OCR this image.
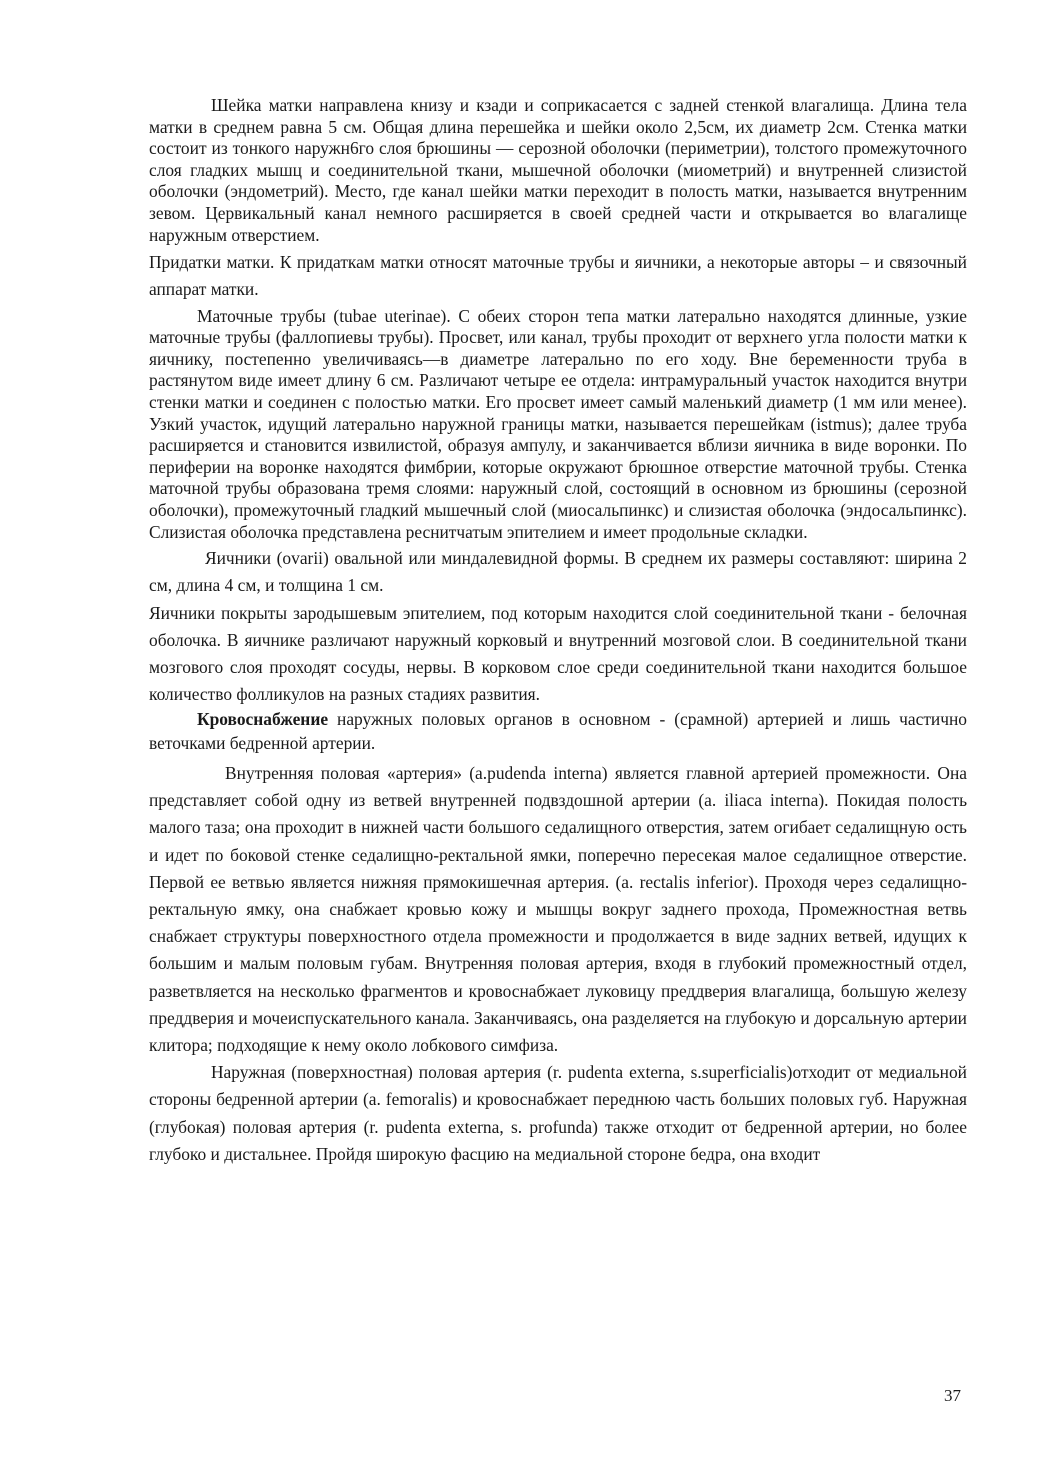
Шейка матки направлена книзу и кзади и соприкасается с задней стенкой влагалища. Длина тела матки в среднем равна 5 см. Общая длина перешейка и шейки около 2,5см, их диаметр 2см. Стенка матки состоит из тонкого наружн6го слоя брюшины — серозной оболочки (периметрии), толстого промежуточного слоя гладких мышц и соединительной ткани, мышечной оболочки (миометрий) и внутренней слизистой оболочки (эндометрий). Место, где канал шейки матки переходит в полость матки, называется внутренним зевом. Цервикальный канал немного расширяется в своей средней части и открывается во влагалище наружным отверстием.

Придатки матки. К придаткам матки относят маточные трубы и яичники, а некоторые авторы – и связочный аппарат матки.

Маточные трубы (tubae uterinae). С обеих сторон тепа матки латерально находятся длинные, узкие маточные трубы (фаллопиевы трубы). Просвет, или канал, трубы проходит от верхнего угла полости матки к яичнику, постепенно увеличиваясь—в диаметре латерально по его ходу. Вне беременности труба в растянутом виде имеет длину 6 см. Различают четыре ее отдела: интрамуральный участок находится внутри стенки матки и соединен с полостью матки. Его просвет имеет самый маленький диаметр (1 мм или менее). Узкий участок, идущий латерально наружной границы матки, называется перешейкам (istmus); далее труба расширяется и становится извилистой, образуя ампулу, и заканчивается вблизи яичника в виде воронки. По периферии на воронке находятся фимбрии, которые окружают брюшное отверстие маточной трубы. Стенка маточной трубы образована тремя слоями: наружный слой, состоящий в основном из брюшины (серозной оболочки), промежуточный гладкий мышечный слой (миосальпинкс) и слизистая оболочка (эндосальпинкс). Слизистая оболочка представлена реснитчатым эпителием и имеет продольные складки.

Яичники (ovarii) овальной или миндалевидной формы. В среднем их размеры составляют: ширина 2 см, длина 4 см, и толщина 1 см.

Яичники покрыты зародышевым эпителием, под которым находится слой соединительной ткани - белочная оболочка. В яичнике различают наружный корковый и внутренний мозговой слои. В соединительной ткани мозгового слоя проходят сосуды, нервы. В корковом слое среди соединительной ткани находится большое количество фолликулов на разных стадиях развития.

Кровоснабжение наружных половых органов в основном - (срамной) артерией и лишь частично веточками бедренной артерии.

Внутренняя половая «артерия» (a.pudenda interna) является главной артерией промежности. Она представляет собой одну из ветвей внутренней подвздошной артерии (a. iliaca interna). Покидая полость малого таза; она проходит в нижней части большого седалищного отверстия, затем огибает седалищную ость и идет по боковой стенке седалищно-ректальной ямки, поперечно пересекая малое седалищное отверстие. Первой ее ветвью является нижняя прямокишечная артерия. (a. rectalis inferior). Проходя через седалищно-ректальную ямку, она снабжает кровью кожу и мышцы вокруг заднего прохода, Промежностная ветвь снабжает структуры поверхностного отдела промежности и продолжается в виде задних ветвей, идущих к большим и малым половым губам. Внутренняя половая артерия, входя в глубокий промежностный отдел, разветвляется на несколько фрагментов и кровоснабжает луковицу преддверия влагалища, большую железу преддверия и мочеиспускательного канала. Заканчиваясь, она разделяется на глубокую и дорсальную артерии клитора; подходящие к нему около лобкового симфиза.

Наружная (поверхностная) половая артерия (r. pudenta externa, s.superficialis)отходит от медиальной стороны бедренной артерии (a. femoralis) и кровоснабжает переднюю часть больших половых губ. Наружная (глубокая) половая артерия (r. pudenta externa, s. profunda) также отходит от бедренной артерии, но более глубоко и дистальнее. Пройдя широкую фасцию на медиальной стороне бедра, она входит

37
